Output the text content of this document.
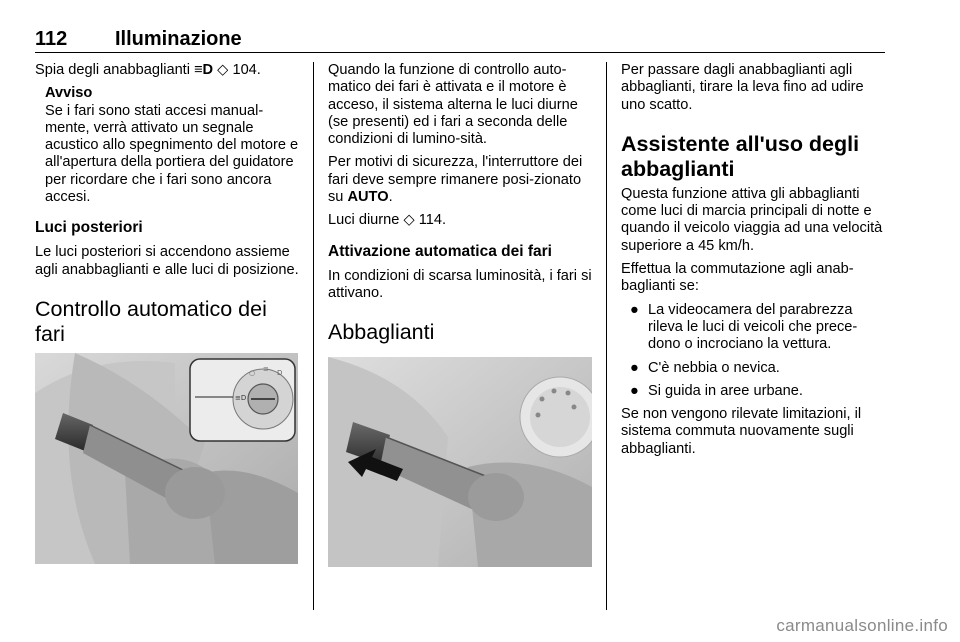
112 Illuminazione

Spia degli anabbaglianti ≡D ◇ 104.

Avviso
Se i fari sono stati accesi manual-mente, verrà attivato un segnale acustico allo spegnimento del motore e all'apertura della portiera del guidatore per ricordare che i fari sono ancora accesi.
Luci posteriori

Le luci posteriori si accendono assieme agli anabbaglianti e alle luci di posizione.

Controllo automatico dei fari
≡D
○ ≡ D

Quando la funzione di controllo auto-matico dei fari è attivata e il motore è acceso, il sistema alterna le luci diurne (se presenti) ed i fari a seconda delle condizioni di lumino-sità.

Per motivi di sicurezza, l'interruttore dei fari deve sempre rimanere posi-zionato su AUTO.

Luci diurne ◇ 114.

Attivazione automatica dei fari

In condizioni di scarsa luminosità, i fari si attivano.

Abbaglianti

Per passare dagli anabbaglianti agli abbaglianti, tirare la leva fino ad udire uno scatto.

Assistente all'uso degli abbaglianti

Questa funzione attiva gli abbaglianti come luci di marcia principali di notte e quando il veicolo viaggia ad una velocità superiore a 45 km/h.

Effettua la commutazione agli anab-baglianti se:

● La videocamera del parabrezza rileva le luci di veicoli che prece-dono o incrociano la vettura.
● C'è nebbia o nevica.
● Si guida in aree urbane.

Se non vengono rilevate limitazioni, il sistema commuta nuovamente sugli abbaglianti.

carmanualsonline.info
